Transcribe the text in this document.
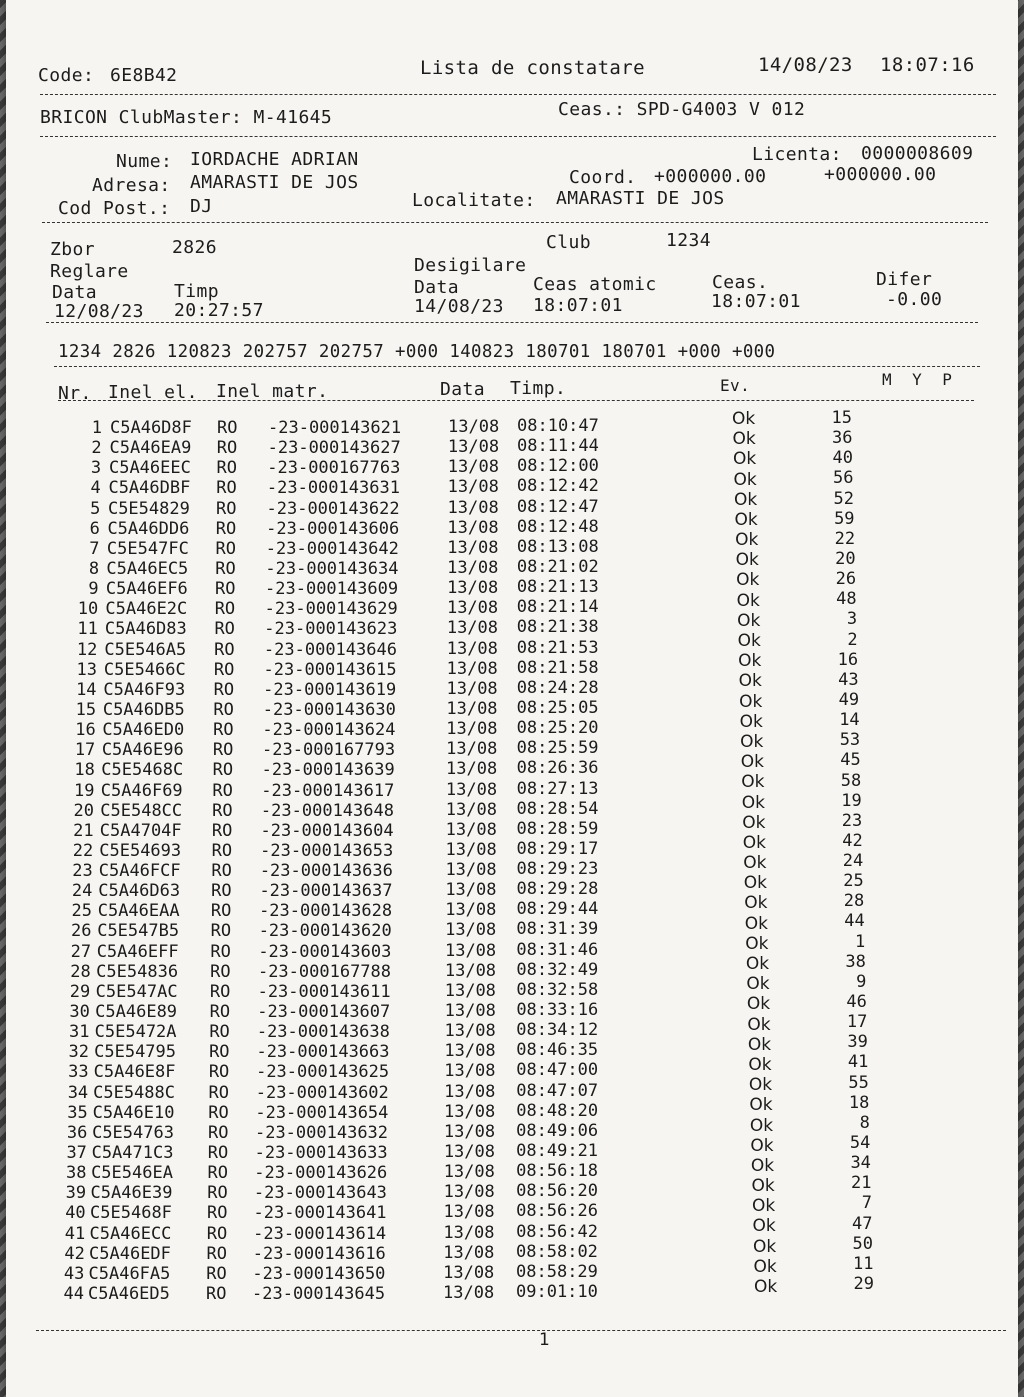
Code: 6E8B42	Lista de constatare	14/08/23 18:07:16
BRICON ClubMaster: M-41645	Ceas.: SPD-G4003 V 012
Nume: IORDACHE ADRIAN
Adresa: AMARASTI DE JOS
Cod Post.: DJ
Licenta: 0000008609
Coord. +000000.00	+000000.00
Localitate: AMARASTI DE JOS
Zbor	2826	Club	1234
Reglare	Desigilare
Data	Timp	Data	Ceas atomic	Ceas.	Difer
12/08/23 20:27:57	14/08/23 18:07:01	18:07:01	-0.00
1234 2826 120823 202757 202757 +000 140823 180701 180701 +000 +000
Nr. Inel el. Inel matr.	Data Timp.	Ev.	M  Y  P
1 C5A46D8F RO -23-000143621	13/08 08:10:47	Ok	15
2 C5A46EA9 RO -23-000143627	13/08 08:11:44	Ok	36
3 C5A46EEC RO -23-000167763	13/08 08:12:00	Ok	40
4 C5A46DBF RO -23-000143631	13/08 08:12:42	Ok	56
5 C5E54829 RO -23-000143622	13/08 08:12:47	Ok	52
6 C5A46DD6 RO -23-000143606	13/08 08:12:48	Ok	59
7 C5E547FC RO -23-000143642	13/08 08:13:08	Ok	22
8 C5A46EC5 RO -23-000143634	13/08 08:21:02	Ok	20
9 C5A46EF6 RO -23-000143609	13/08 08:21:13	Ok	26
10 C5A46E2C RO -23-000143629	13/08 08:21:14	Ok	48
11 C5A46D83 RO -23-000143623	13/08 08:21:38	Ok	3
12 C5E546A5 RO -23-000143646	13/08 08:21:53	Ok	2
13 C5E5466C RO -23-000143615	13/08 08:21:58	Ok	16
14 C5A46F93 RO -23-000143619	13/08 08:24:28	Ok	43
15 C5A46DB5 RO -23-000143630	13/08 08:25:05	Ok	49
16 C5A46ED0 RO -23-000143624	13/08 08:25:20	Ok	14
17 C5A46E96 RO -23-000167793	13/08 08:25:59	Ok	53
18 C5E5468C RO -23-000143639	13/08 08:26:36	Ok	45
19 C5A46F69 RO -23-000143617	13/08 08:27:13	Ok	58
20 C5E548CC RO -23-000143648	13/08 08:28:54	Ok	19
21 C5A4704F RO -23-000143604	13/08 08:28:59	Ok	23
22 C5E54693 RO -23-000143653	13/08 08:29:17	Ok	42
23 C5A46FCF RO -23-000143636	13/08 08:29:23	Ok	24
24 C5A46D63 RO -23-000143637	13/08 08:29:28	Ok	25
25 C5A46EAA RO -23-000143628	13/08 08:29:44	Ok	28
26 C5E547B5 RO -23-000143620	13/08 08:31:39	Ok	44
27 C5A46EFF RO -23-000143603	13/08 08:31:46	Ok	1
28 C5E54836 RO -23-000167788	13/08 08:32:49	Ok	38
29 C5E547AC RO -23-000143611	13/08 08:32:58	Ok	9
30 C5A46E89 RO -23-000143607	13/08 08:33:16	Ok	46
31 C5E5472A RO -23-000143638	13/08 08:34:12	Ok	17
32 C5E54795 RO -23-000143663	13/08 08:46:35	Ok	39
33 C5A46E8F RO -23-000143625	13/08 08:47:00	Ok	41
34 C5E5488C RO -23-000143602	13/08 08:47:07	Ok	55
35 C5A46E10 RO -23-000143654	13/08 08:48:20	Ok	18
36 C5E54763 RO -23-000143632	13/08 08:49:06	Ok	8
37 C5A471C3 RO -23-000143633	13/08 08:49:21	Ok	54
38 C5E546EA RO -23-000143626	13/08 08:56:18	Ok	34
39 C5A46E39 RO -23-000143643	13/08 08:56:20	Ok	21
40 C5E5468F RO -23-000143641	13/08 08:56:26	Ok	7
41 C5A46ECC RO -23-000143614	13/08 08:56:42	Ok	47
42 C5A46EDF RO -23-000143616	13/08 08:58:02	Ok	50
43 C5A46FA5 RO -23-000143650	13/08 08:58:29	Ok	11
44 C5A46ED5 RO -23-000143645	13/08 09:01:10	Ok	29
1
